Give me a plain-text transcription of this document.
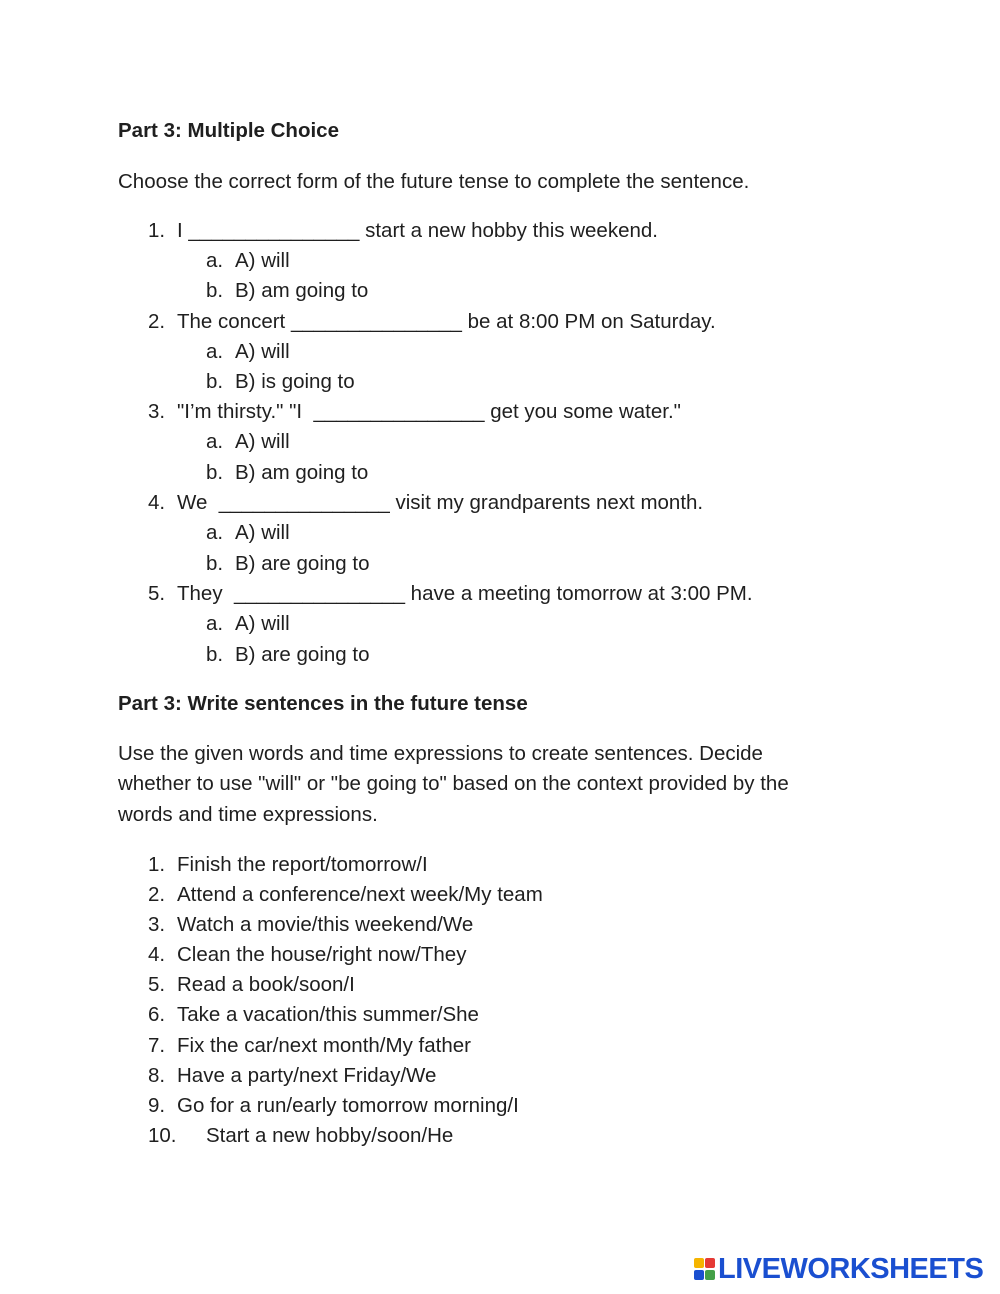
Part 3: Multiple Choice
Choose the correct form of the future tense to complete the sentence.
1. I _______________ start a new hobby this weekend.
a. A) will
b. B) am going to
2. The concert _______________ be at 8:00 PM on Saturday.
a. A) will
b. B) is going to
3. "I’m thirsty." "I  _______________ get you some water."
a. A) will
b. B) am going to
4. We  _______________ visit my grandparents next month.
a. A) will
b. B) are going to
5. They  _______________ have a meeting tomorrow at 3:00 PM.
a. A) will
b. B) are going to
Part 3: Write sentences in the future tense
Use the given words and time expressions to create sentences. Decide
whether to use "will" or "be going to" based on the context provided by the
words and time expressions.
1. Finish the report/tomorrow/I
2. Attend a conference/next week/My team
3. Watch a movie/this weekend/We
4. Clean the house/right now/They
5. Read a book/soon/I
6. Take a vacation/this summer/She
7. Fix the car/next month/My father
8. Have a party/next Friday/We
9. Go for a run/early tomorrow morning/I
10. Start a new hobby/soon/He
LIVEWORKSHEETS
